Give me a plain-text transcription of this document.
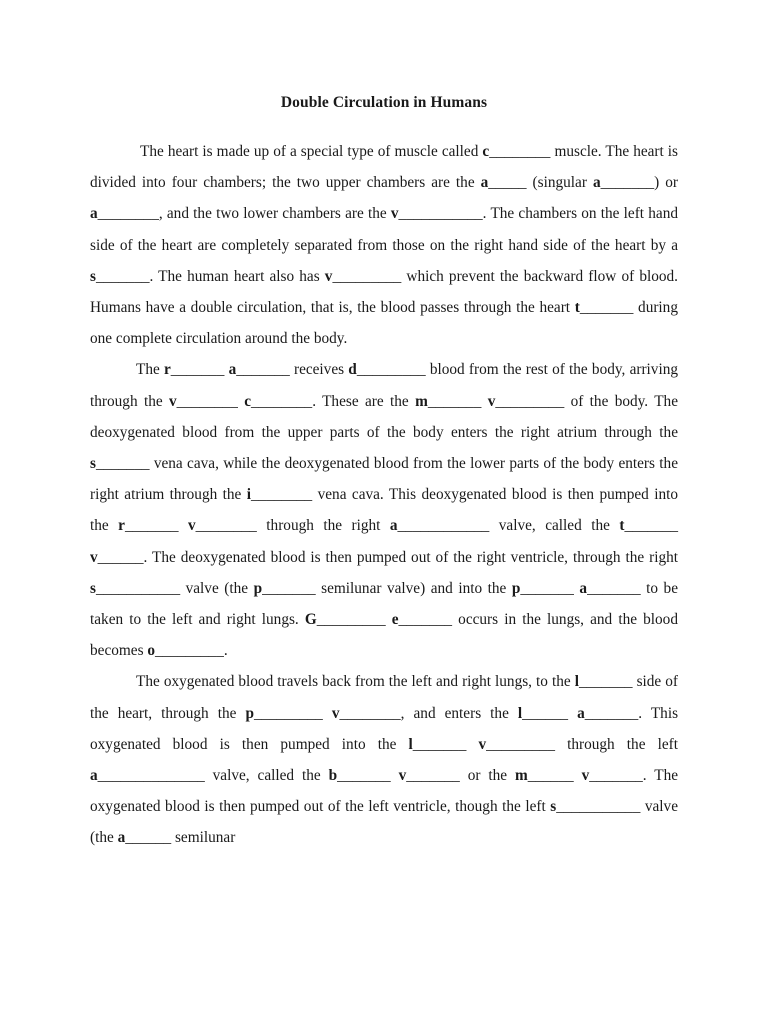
Double Circulation in Humans

The heart is made up of a special type of muscle called c________ muscle. The heart is divided into four chambers; the two upper chambers are the a_____ (singular a_______) or a________, and the two lower chambers are the v___________. The chambers on the left hand side of the heart are completely separated from those on the right hand side of the heart by a s_______. The human heart also has v_________ which prevent the backward flow of blood. Humans have a double circulation, that is, the blood passes through the heart t_______ during one complete circulation around the body.

The r_______ a_______ receives d_________ blood from the rest of the body, arriving through the v________ c________. These are the m_______ v_________ of the body. The deoxygenated blood from the upper parts of the body enters the right atrium through the s_______ vena cava, while the deoxygenated blood from the lower parts of the body enters the right atrium through the i________ vena cava. This deoxygenated blood is then pumped into the r_______ v________ through the right a____________ valve, called the t_______ v______. The deoxygenated blood is then pumped out of the right ventricle, through the right s___________ valve (the p_______ semilunar valve) and into the p_______ a_______ to be taken to the left and right lungs. G_________ e_______ occurs in the lungs, and the blood becomes o_________.

The oxygenated blood travels back from the left and right lungs, to the l_______ side of the heart, through the p_________ v________, and enters the l______ a_______. This oxygenated blood is then pumped into the l_______ v_________ through the left a______________ valve, called the b_______ v_______ or the m______ v_______. The oxygenated blood is then pumped out of the left ventricle, though the left s___________ valve (the a______ semilunar
